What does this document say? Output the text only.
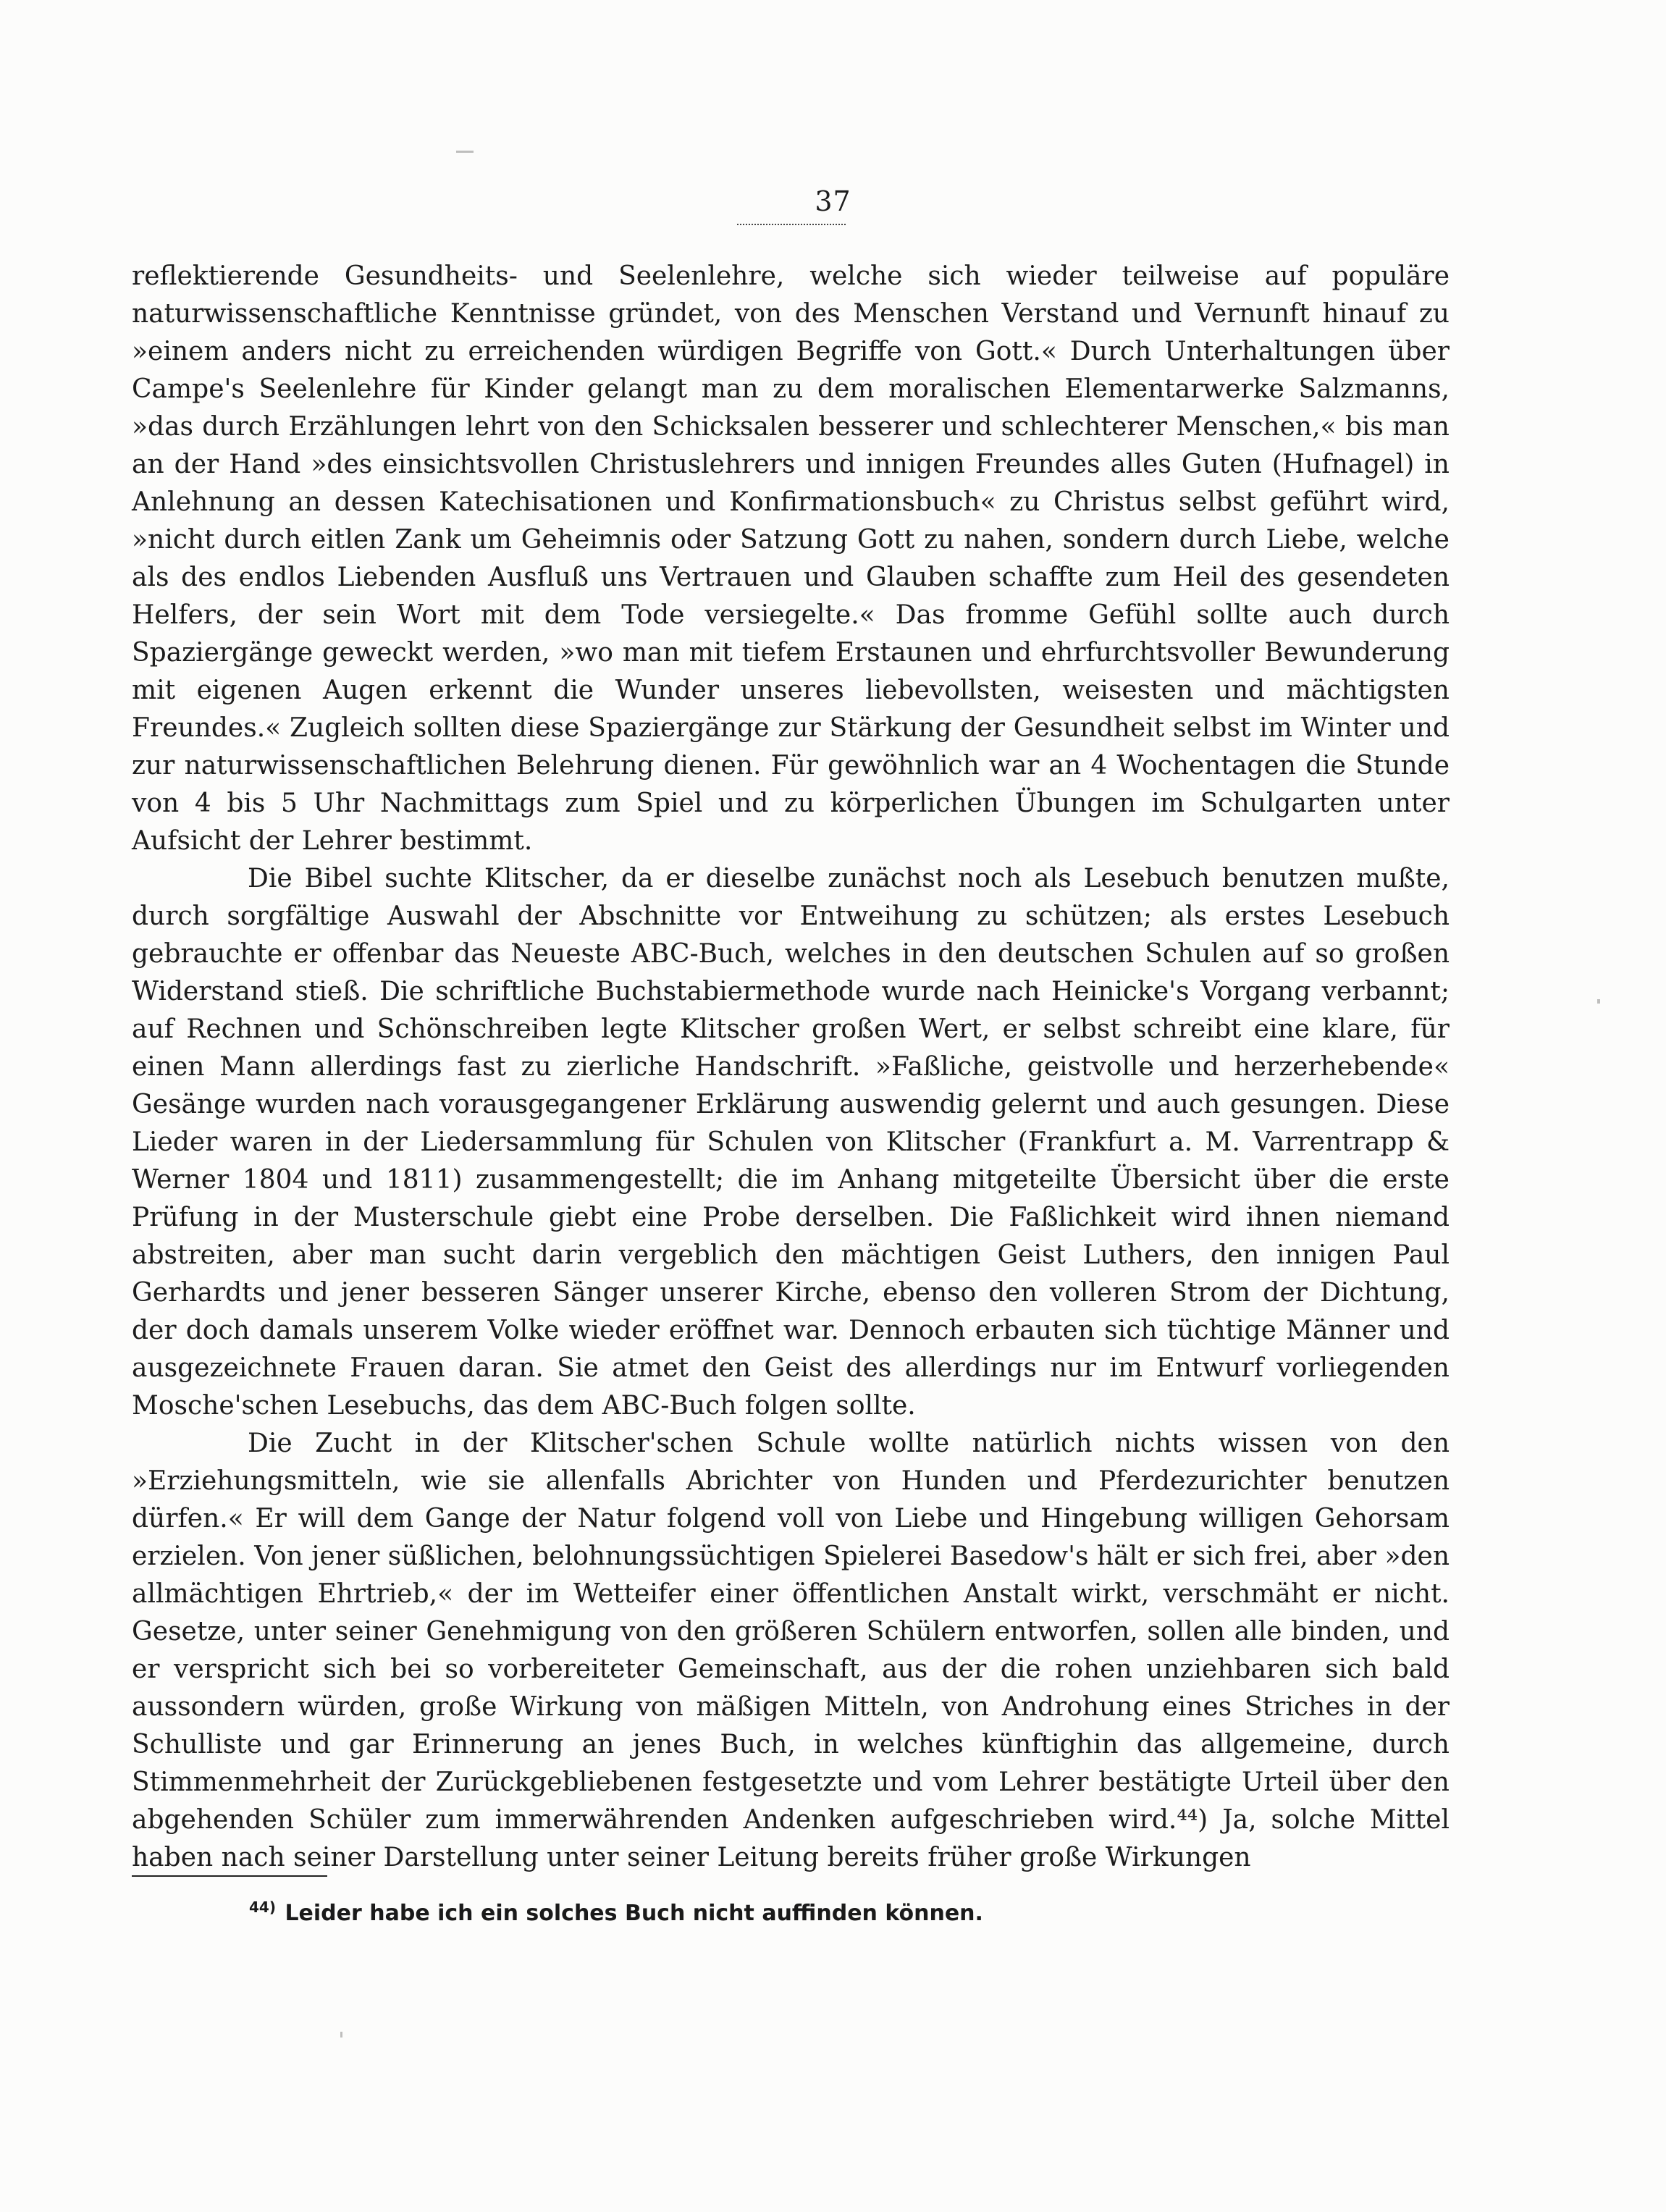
37

reflektierende Gesundheits- und Seelenlehre, welche sich wieder teilweise auf populäre naturwissenschaftliche Kenntnisse gründet, von des Menschen Verstand und Vernunft hinauf zu »einem anders nicht zu erreichenden würdigen Begriffe von Gott.« Durch Unterhaltungen über Campe's Seelenlehre für Kinder gelangt man zu dem moralischen Elementarwerke Salzmanns, »das durch Erzählungen lehrt von den Schicksalen besserer und schlechterer Menschen,« bis man an der Hand »des einsichtsvollen Christuslehrers und innigen Freundes alles Guten (Hufnagel) in Anlehnung an dessen Katechisationen und Konfirmationsbuch« zu Christus selbst geführt wird, »nicht durch eitlen Zank um Geheimnis oder Satzung Gott zu nahen, sondern durch Liebe, welche als des endlos Liebenden Ausfluß uns Vertrauen und Glauben schaffte zum Heil des gesendeten Helfers, der sein Wort mit dem Tode versiegelte.« Das fromme Gefühl sollte auch durch Spaziergänge geweckt werden, »wo man mit tiefem Erstaunen und ehrfurchtsvoller Bewunderung mit eigenen Augen erkennt die Wunder unseres liebevollsten, weisesten und mächtigsten Freundes.« Zugleich sollten diese Spaziergänge zur Stärkung der Gesundheit selbst im Winter und zur naturwissenschaftlichen Belehrung dienen. Für gewöhnlich war an 4 Wochentagen die Stunde von 4 bis 5 Uhr Nachmittags zum Spiel und zu körperlichen Übungen im Schulgarten unter Aufsicht der Lehrer bestimmt.

Die Bibel suchte Klitscher, da er dieselbe zunächst noch als Lesebuch benutzen mußte, durch sorgfältige Auswahl der Abschnitte vor Entweihung zu schützen; als erstes Lesebuch gebrauchte er offenbar das Neueste ABC-Buch, welches in den deutschen Schulen auf so großen Widerstand stieß. Die schriftliche Buchstabiermethode wurde nach Heinicke's Vorgang verbannt; auf Rechnen und Schönschreiben legte Klitscher großen Wert, er selbst schreibt eine klare, für einen Mann allerdings fast zu zierliche Handschrift. »Faßliche, geistvolle und herzerhebende« Gesänge wurden nach vorausgegangener Erklärung auswendig gelernt und auch gesungen. Diese Lieder waren in der Liedersammlung für Schulen von Klitscher (Frankfurt a. M. Varrentrapp & Werner 1804 und 1811) zusammengestellt; die im Anhang mitgeteilte Übersicht über die erste Prüfung in der Musterschule giebt eine Probe derselben. Die Faßlichkeit wird ihnen niemand abstreiten, aber man sucht darin vergeblich den mächtigen Geist Luthers, den innigen Paul Gerhardts und jener besseren Sänger unserer Kirche, ebenso den volleren Strom der Dichtung, der doch damals unserem Volke wieder eröffnet war. Dennoch erbauten sich tüchtige Männer und ausgezeichnete Frauen daran. Sie atmet den Geist des allerdings nur im Entwurf vorliegenden Mosche'schen Lesebuchs, das dem ABC-Buch folgen sollte.

Die Zucht in der Klitscher'schen Schule wollte natürlich nichts wissen von den »Erziehungsmitteln, wie sie allenfalls Abrichter von Hunden und Pferdezurichter benutzen dürfen.« Er will dem Gange der Natur folgend voll von Liebe und Hingebung willigen Gehorsam erzielen. Von jener süßlichen, belohnungssüchtigen Spielerei Basedow's hält er sich frei, aber »den allmächtigen Ehrtrieb,« der im Wetteifer einer öffentlichen Anstalt wirkt, verschmäht er nicht. Gesetze, unter seiner Genehmigung von den größeren Schülern entworfen, sollen alle binden, und er verspricht sich bei so vorbereiteter Gemeinschaft, aus der die rohen unziehbaren sich bald aussondern würden, große Wirkung von mäßigen Mitteln, von Androhung eines Striches in der Schulliste und gar Erinnerung an jenes Buch, in welches künftighin das allgemeine, durch Stimmenmehrheit der Zurückgebliebenen festgesetzte und vom Lehrer bestätigte Urteil über den abgehenden Schüler zum immerwährenden Andenken aufgeschrieben wird.⁴⁴) Ja, solche Mittel haben nach seiner Darstellung unter seiner Leitung bereits früher große Wirkungen

$^{44)}$ Leider habe ich ein solches Buch nicht auffinden können.
